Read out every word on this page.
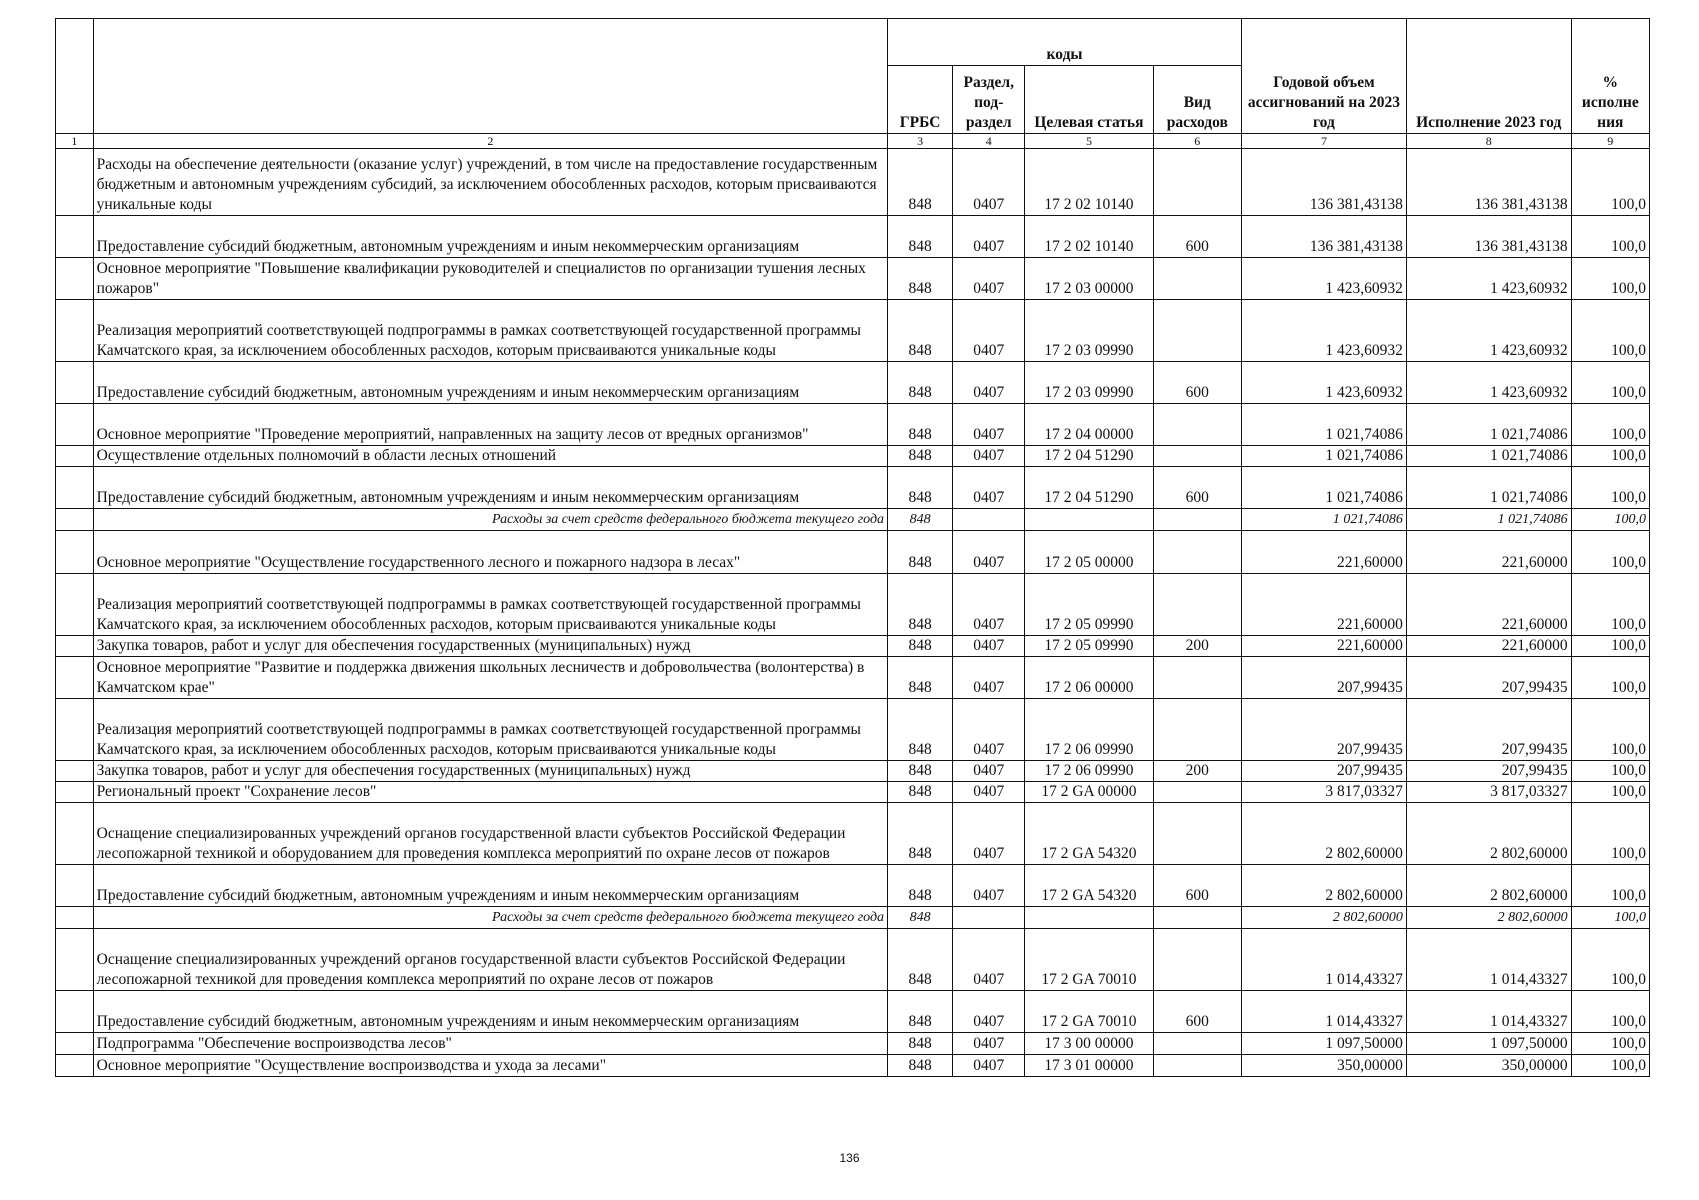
		коды				Годовой объем ассигнований на 2023 год	Исполнение 2023 год	% исполне ния
		ГРБС	Раздел, под-раздел	Целевая статья	Вид расходов			
1	2	3	4	5	6	7	8	9
	Расходы на обеспечение деятельности (оказание услуг) учреждений, в том числе на предоставление государственным бюджетным и автономным учреждениям субсидий, за исключением обособленных расходов, которым присваиваются уникальные коды	848	0407	17 2 02 10140		136 381,43138	136 381,43138	100,0
	Предоставление субсидий бюджетным, автономным учреждениям и иным некоммерческим организациям	848	0407	17 2 02 10140	600	136 381,43138	136 381,43138	100,0
	Основное мероприятие "Повышение квалификации руководителей и специалистов по организации тушения лесных пожаров"	848	0407	17 2 03 00000		1 423,60932	1 423,60932	100,0
	Реализация мероприятий соответствующей подпрограммы в рамках соответствующей государственной программы Камчатского края, за исключением обособленных расходов, которым присваиваются уникальные коды	848	0407	17 2 03 09990		1 423,60932	1 423,60932	100,0
	Предоставление субсидий бюджетным, автономным учреждениям и иным некоммерческим организациям	848	0407	17 2 03 09990	600	1 423,60932	1 423,60932	100,0
	Основное мероприятие "Проведение мероприятий, направленных на защиту лесов от вредных организмов"	848	0407	17 2 04 00000		1 021,74086	1 021,74086	100,0
	Осуществление отдельных полномочий в области лесных отношений	848	0407	17 2 04 51290		1 021,74086	1 021,74086	100,0
	Предоставление субсидий бюджетным, автономным учреждениям и иным некоммерческим организациям	848	0407	17 2 04 51290	600	1 021,74086	1 021,74086	100,0
	Расходы за счет средств федерального бюджета текущего года	848				1 021,74086	1 021,74086	100,0
	Основное мероприятие "Осуществление государственного лесного и пожарного надзора в лесах"	848	0407	17 2 05 00000		221,60000	221,60000	100,0
	Реализация мероприятий соответствующей подпрограммы в рамках соответствующей государственной программы Камчатского края, за исключением обособленных расходов, которым присваиваются уникальные коды	848	0407	17 2 05 09990		221,60000	221,60000	100,0
	Закупка товаров, работ и услуг для обеспечения государственных (муниципальных) нужд	848	0407	17 2 05 09990	200	221,60000	221,60000	100,0
	Основное мероприятие "Развитие и поддержка движения школьных лесничеств и добровольчества (волонтерства) в Камчатском крае"	848	0407	17 2 06 00000		207,99435	207,99435	100,0
	Реализация мероприятий соответствующей подпрограммы в рамках соответствующей государственной программы Камчатского края, за исключением обособленных расходов, которым присваиваются уникальные коды	848	0407	17 2 06 09990		207,99435	207,99435	100,0
	Закупка товаров, работ и услуг для обеспечения государственных (муниципальных) нужд	848	0407	17 2 06 09990	200	207,99435	207,99435	100,0
	Региональный проект "Сохранение лесов"	848	0407	17 2 GA 00000		3 817,03327	3 817,03327	100,0
	Оснащение специализированных учреждений органов государственной власти субъектов Российской Федерации лесопожарной техникой и оборудованием для проведения комплекса мероприятий по охране лесов от пожаров	848	0407	17 2 GA 54320		2 802,60000	2 802,60000	100,0
	Предоставление субсидий бюджетным, автономным учреждениям и иным некоммерческим организациям	848	0407	17 2 GA 54320	600	2 802,60000	2 802,60000	100,0
	Расходы за счет средств федерального бюджета текущего года	848				2 802,60000	2 802,60000	100,0
	Оснащение специализированных учреждений органов государственной власти субъектов Российской Федерации лесопожарной техникой для проведения комплекса мероприятий по охране лесов от пожаров	848	0407	17 2 GA 70010		1 014,43327	1 014,43327	100,0
	Предоставление субсидий бюджетным, автономным учреждениям и иным некоммерческим организациям	848	0407	17 2 GA 70010	600	1 014,43327	1 014,43327	100,0
	Подпрограмма "Обеспечение воспроизводства лесов"	848	0407	17 3 00 00000		1 097,50000	1 097,50000	100,0
	Основное мероприятие "Осуществление воспроизводства и ухода за лесами"	848	0407	17 3 01 00000		350,00000	350,00000	100,0
136
